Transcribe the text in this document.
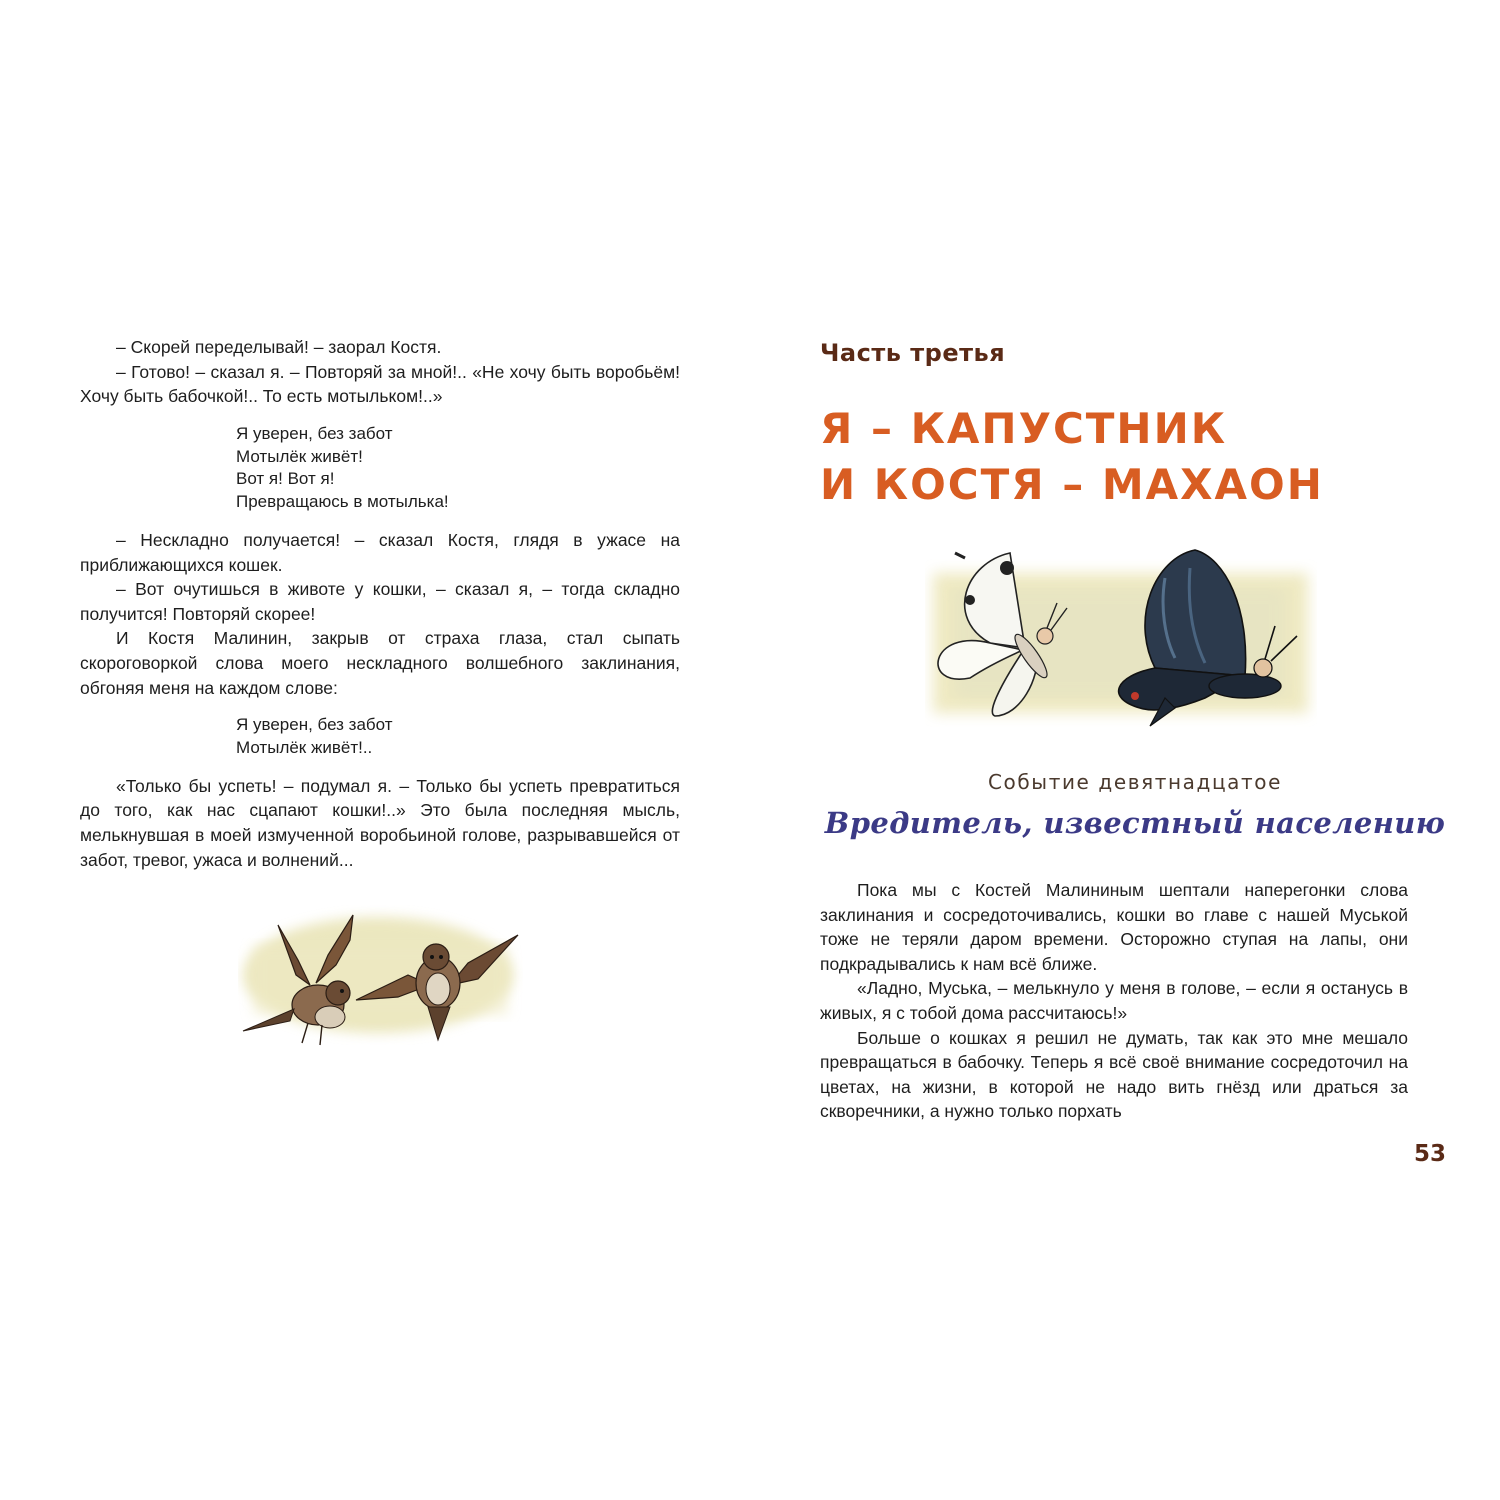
– Скорей переделывай! – заорал Костя.

– Готово! – сказал я. – Повторяй за мной!.. «Не хочу быть воробьём! Хочу быть бабочкой!.. То есть мотыльком!..»

Я уверен, без забот
Мотылёк живёт!
Вот я! Вот я!
Превращаюсь в мотылька!

– Нескладно получается! – сказал Костя, глядя в ужасе на приближающихся кошек.

– Вот очутишься в животе у кошки, – сказал я, – тогда складно получится! Повторяй скорее!

И Костя Малинин, закрыв от страха глаза, стал сыпать скороговоркой слова моего нескладного волшебного заклинания, обгоняя меня на каждом слове:

Я уверен, без забот
Мотылёк живёт!..

«Только бы успеть! – подумал я. – Только бы успеть превратиться до того, как нас сцапают кошки!..» Это была последняя мысль, мелькнувшая в моей измученной воробьиной голове, разрывавшейся от забот, тревог, ужаса и волнений...

Часть третья
Я – КАПУСТНИК
И КОСТЯ – МАХАОН

Событие девятнадцатое

Вредитель, известный населению

Пока мы с Костей Малининым шептали наперегонки слова заклинания и сосредоточивались, кошки во главе с нашей Муськой тоже не теряли даром времени. Осторожно ступая на лапы, они подкрадывались к нам всё ближе.

«Ладно, Муська, – мелькнуло у меня в голове, – если я останусь в живых, я с тобой дома рассчитаюсь!»

Больше о кошках я решил не думать, так как это мне мешало превращаться в бабочку. Теперь я всё своё внимание сосредоточил на цветах, на жизни, в которой не надо вить гнёзд или драться за скворечники, а нужно только порхать

53
